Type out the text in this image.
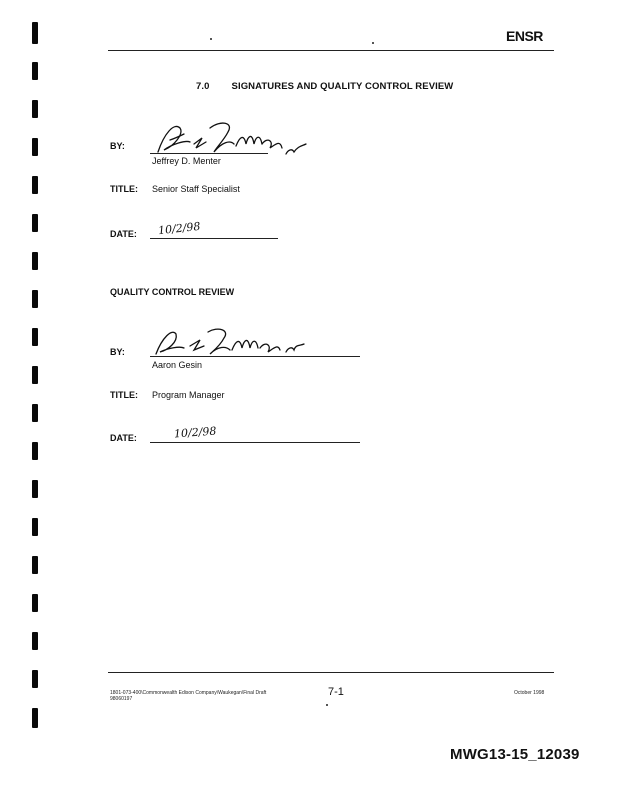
ENSR
7.0 SIGNATURES AND QUALITY CONTROL REVIEW
BY:
Jeffrey D. Menter
TITLE: Senior Staff Specialist
DATE: 10/2/98
QUALITY CONTROL REVIEW
BY:
Aaron Gesin
TITLE: Program Manager
DATE:	10/2/98
1801-073-400\Commonwealth Edison Company\Waukegan\Final Draft
98060197
7-1	October 1998
MWG13-15_12039
